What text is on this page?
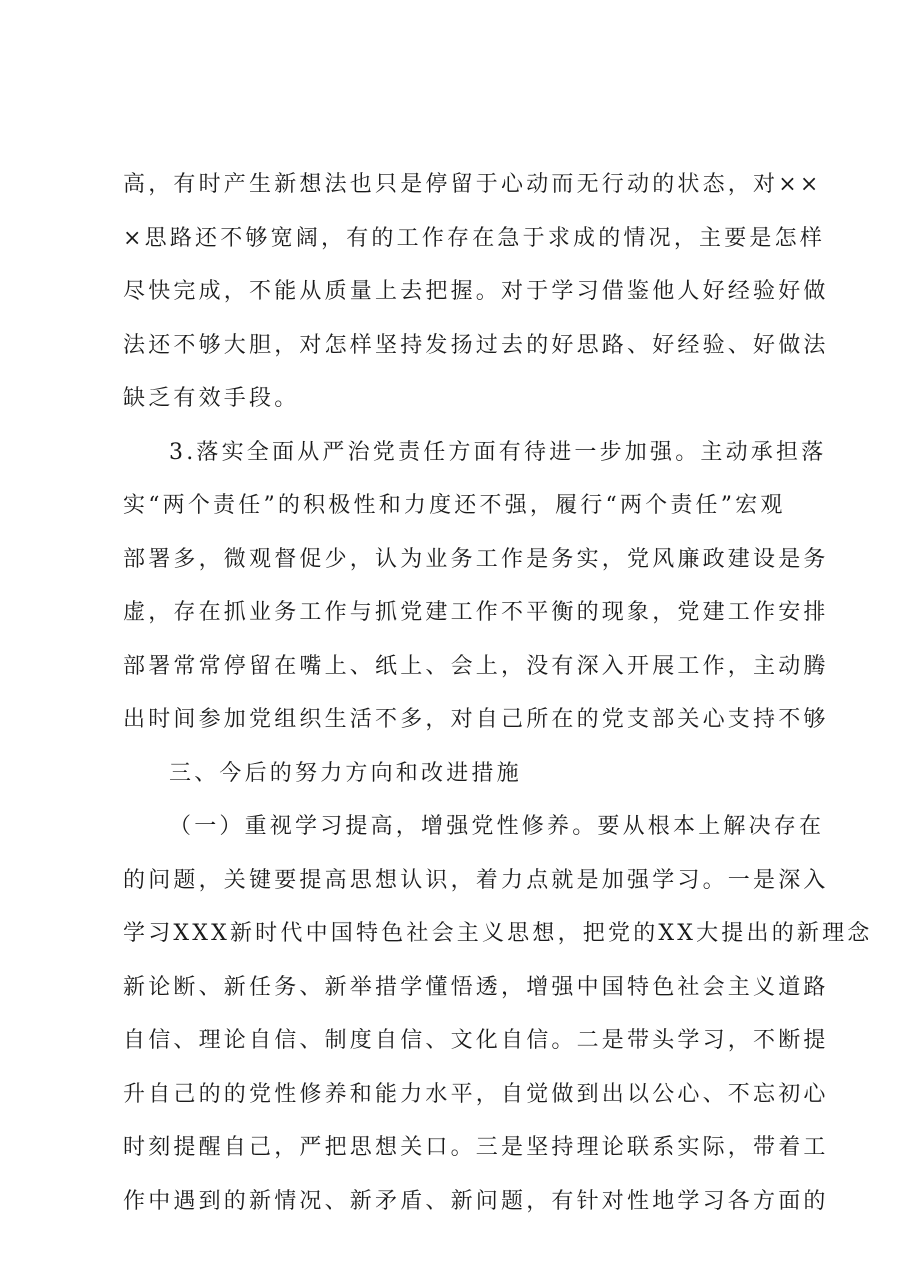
高，有时产生新想法也只是停留于心动而无行动的状态，对××
×思路还不够宽阔，有的工作存在急于求成的情况，主要是怎样
尽快完成，不能从质量上去把握。对于学习借鉴他人好经验好做
法还不够大胆，对怎样坚持发扬过去的好思路、好经验、好做法
缺乏有效手段。
3.落实全面从严治党责任方面有待进一步加强。主动承担落
实“两个责任”的积极性和力度还不强，履行“两个责任”宏观
部署多，微观督促少，认为业务工作是务实，党风廉政建设是务
虚，存在抓业务工作与抓党建工作不平衡的现象，党建工作安排
部署常常停留在嘴上、纸上、会上，没有深入开展工作，主动腾
出时间参加党组织生活不多，对自己所在的党支部关心支持不够
三、今后的努力方向和改进措施
（一）重视学习提高，增强党性修养。要从根本上解决存在
的问题，关键要提高思想认识，着力点就是加强学习。一是深入
学习XXX新时代中国特色社会主义思想，把党的XX大提出的新理念
新论断、新任务、新举措学懂悟透，增强中国特色社会主义道路
自信、理论自信、制度自信、文化自信。二是带头学习，不断提
升自己的的党性修养和能力水平，自觉做到出以公心、不忘初心
时刻提醒自己，严把思想关口。三是坚持理论联系实际，带着工
作中遇到的新情况、新矛盾、新问题，有针对性地学习各方面的
